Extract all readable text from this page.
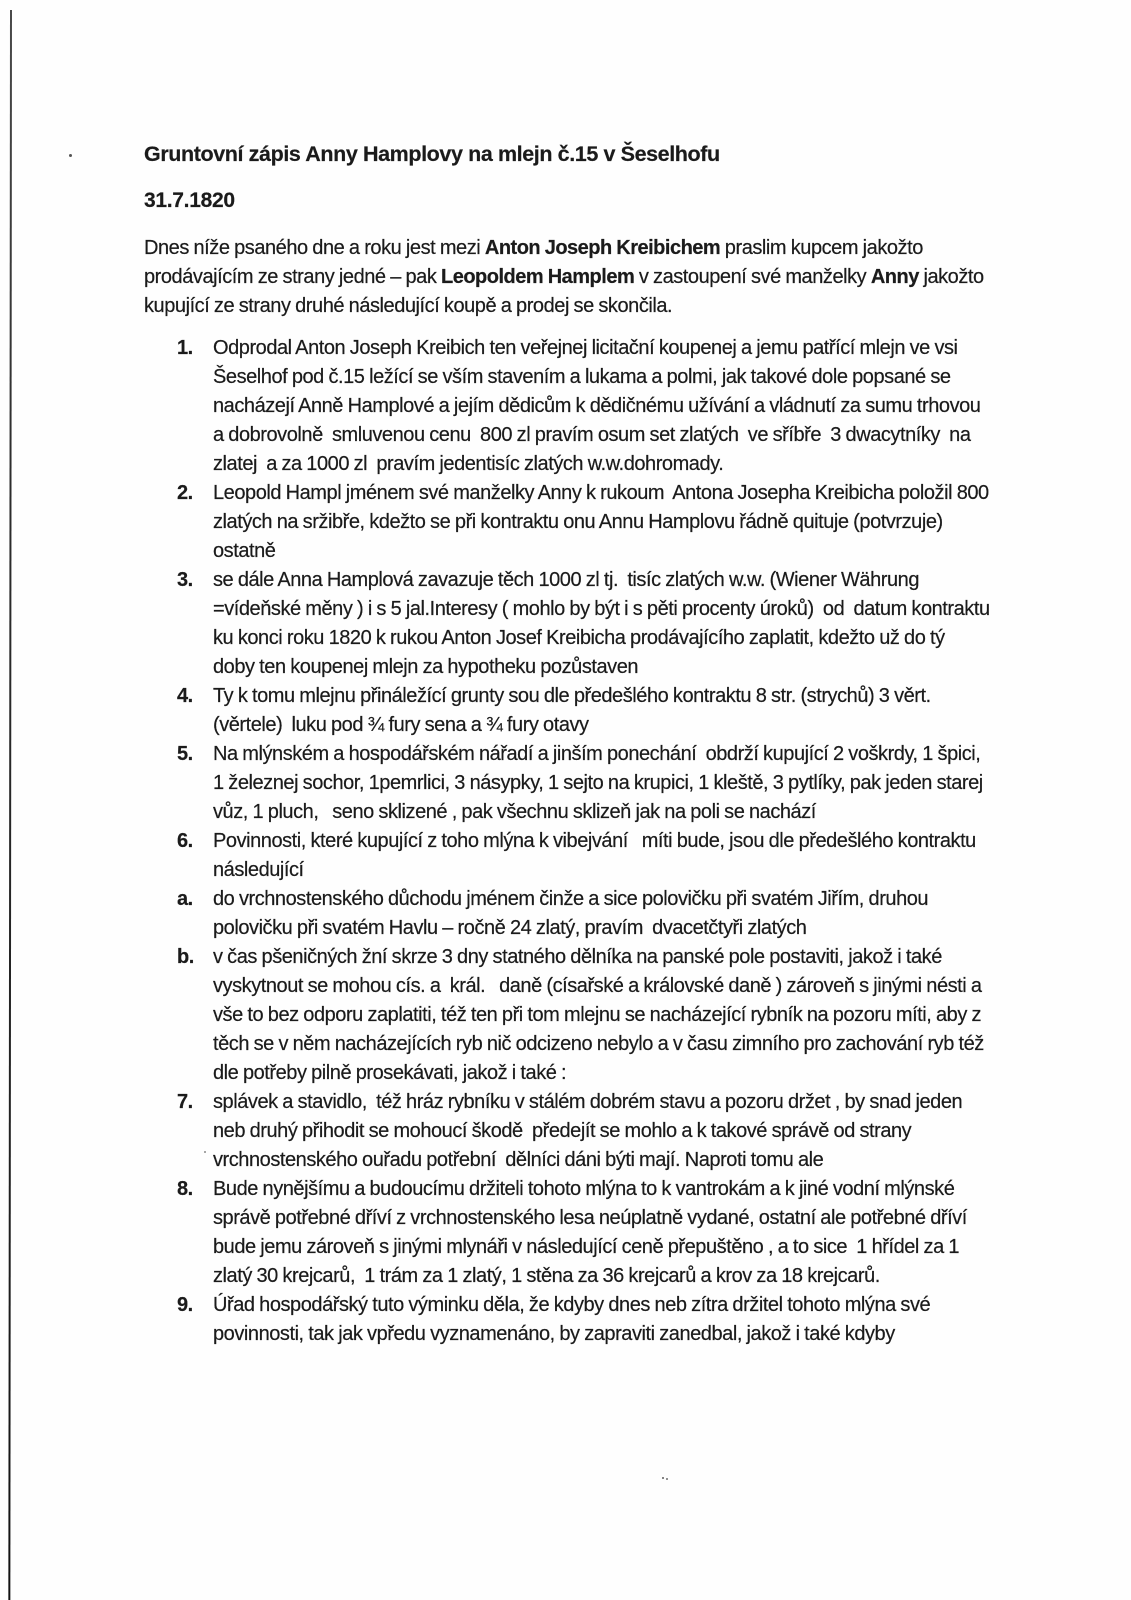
Gruntovní zápis Anny Hamplovy na mlejn č.15 v Šeselhofu

31.7.1820

Dnes níže psaného dne a roku jest mezi Anton Joseph Kreibichem praslim kupcem jakožto prodávajícím ze strany jedné – pak Leopoldem Hamplem v zastoupení své manželky Anny jakožto kupující ze strany druhé následující koupě a prodej se skončila.

1. Odprodal Anton Joseph Kreibich ten veřejnej licitační koupenej a jemu patřící mlejn ve vsi Šeselhof pod č.15 ležící se vším stavením a lukama a polmi, jak takové dole popsané se nacházejí Anně Hamplové a jejím dědicům k dědičnému užívání a vládnutí za sumu trhovou a dobrovolně  smluvenou cenu  800 zl pravím osum set zlatých  ve sříbře  3 dwacytníky  na zlatej  a za 1000 zl  pravím jedentisíc zlatých w.w.dohromady.
2. Leopold Hampl jménem své manželky Anny k rukoum  Antona Josepha Kreibicha položil 800 zlatých na sržibře, kdežto se při kontraktu onu Annu Hamplovu řádně quituje (potvrzuje) ostatně
3. se dále Anna Hamplová zavazuje těch 1000 zl tj.  tisíc zlatých w.w. (Wiener Währung =vídeňské měny ) i s 5 jal.Interesy ( mohlo by být i s pěti procenty úroků)  od  datum kontraktu ku konci roku 1820 k rukou Anton Josef Kreibicha prodávajícího zaplatit, kdežto už do tý doby ten koupenej mlejn za hypotheku pozůstaven
4. Ty k tomu mlejnu přináležící grunty sou dle předešlého kontraktu 8 str. (strychů) 3 věrt. (věrtele)  luku pod ¾ fury sena a ¾ fury otavy
5. Na mlýnském a hospodářském nářadí a jinším ponechání  obdrží kupující 2 voškrdy, 1 špici, 1 železnej sochor, 1pemrlici, 3 násypky, 1 sejto na krupici, 1 kleště, 3 pytlíky, pak jeden starej vůz, 1 pluch,   seno sklizené , pak všechnu sklizeň jak na poli se nachází
6. Povinnosti, které kupující z toho mlýna k vibejvání   míti bude, jsou dle předešlého kontraktu následující
a. do vrchnostenského důchodu jménem činže a sice polovičku při svatém Jiřím, druhou polovičku při svatém Havlu – ročně 24 zlatý, pravím  dvacetčtyři zlatých
b. v čas pšeničných žní skrze 3 dny statného dělníka na panské pole postaviti, jakož i také vyskytnout se mohou cís. a  král.   daně (císařské a královské daně ) zároveň s jinými nésti a vše to bez odporu zaplatiti, též ten při tom mlejnu se nacházející rybník na pozoru míti, aby z těch se v něm nacházejících ryb nič odcizeno nebylo a v času zimního pro zachování ryb též dle potřeby pilně prosekávati, jakož i také :
7. splávek a stavidlo,  též hráz rybníku v stálém dobrém stavu a pozoru držet , by snad jeden neb druhý přihodit se mohoucí škodě  předejít se mohlo a k takové správě od strany vrchnostenského ouřadu potřební  dělníci dáni býti mají. Naproti tomu ale
8. Bude nynějšímu a budoucímu držiteli tohoto mlýna to k vantrokám a k jiné vodní mlýnské správě potřebné dříví z vrchnostenského lesa neúplatně vydané, ostatní ale potřebné dříví bude jemu zároveň s jinými mlynáři v následující ceně přepuštěno , a to sice  1 hřídel za 1 zlatý 30 krejcarů,  1 trám za 1 zlatý, 1 stěna za 36 krejcarů a krov za 18 krejcarů.
9. Úřad hospodářský tuto výminku děla, že kdyby dnes neb zítra držitel tohoto mlýna své povinnosti, tak jak vpředu vyznamenáno, by zapraviti zanedbal, jakož i také kdyby
